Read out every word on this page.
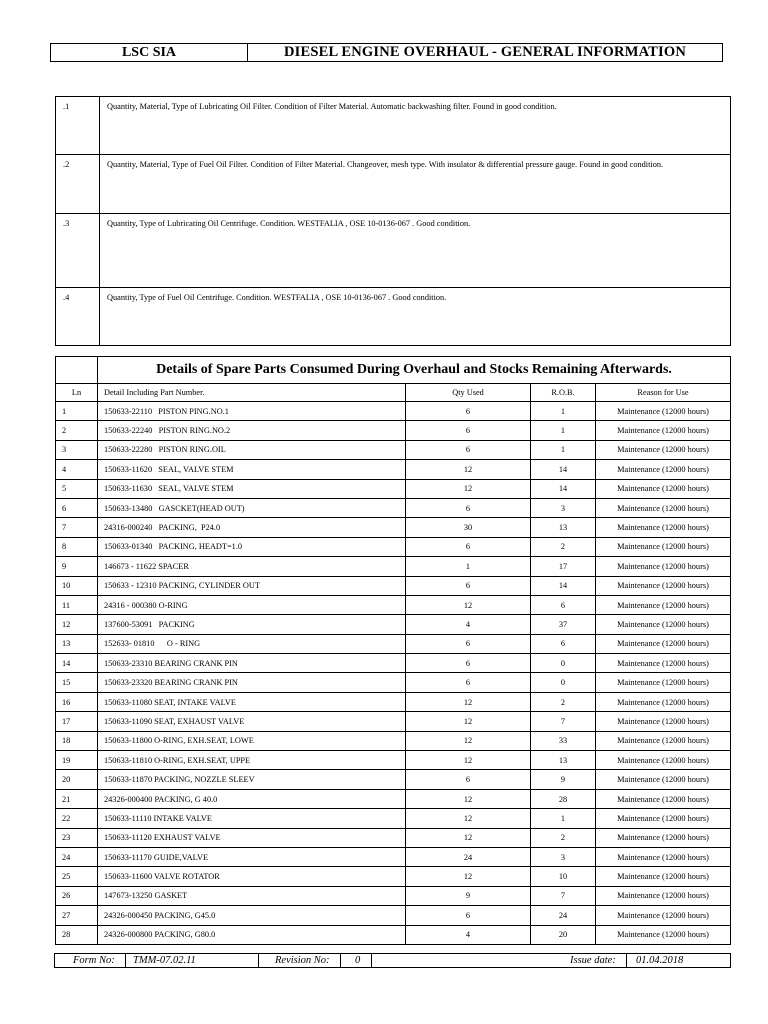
LSC SIA	DIESEL ENGINE OVERHAUL - GENERAL INFORMATION
.1	Quantity, Material, Type of Lubricating Oil Filter. Condition of Filter Material. Automatic backwashing filter. Found in good condition.
.2	Quantity, Material, Type of Fuel Oil Filter. Condition of Filter Material. Changeover, mesh type. With insulator & differential pressure gauge. Found in good condition.
.3	Quantity, Type of Lubricating Oil Centrifuge. Condition. WESTFALIA , OSE 10-0136-067 . Good condition.
.4	Quantity, Type of Fuel Oil Centrifuge. Condition. WESTFALIA , OSE 10-0136-067 . Good condition.
	Details of Spare Parts Consumed During Overhaul and Stocks Remaining Afterwards.			
Ln	Detail Including Part Number.	Qty Used	R.O.B.	Reason for Use
1	150633-22110   PISTON PING.NO.1	6	1	Maintenance (12000 hours)
2	150633-22240   PISTON RING.NO.2	6	1	Maintenance (12000 hours)
3	150633-22280   PISTON RING.OIL	6	1	Maintenance (12000 hours)
4	150633-11620   SEAL, VALVE STEM	12	14	Maintenance (12000 hours)
5	150633-11630   SEAL, VALVE STEM	12	14	Maintenance (12000 hours)
6	150633-13480   GASCKET(HEAD OUT)	6	3	Maintenance (12000 hours)
7	24316-000240   PACKING,  P24.0	30	13	Maintenance (12000 hours)
8	150633-01340   PACKING, HEADT=1.0	6	2	Maintenance (12000 hours)
9	146673 - 11622 SPACER	1	17	Maintenance (12000 hours)
10	150633 - 12310 PACKING, CYLINDER OUT	6	14	Maintenance (12000 hours)
11	24316 - 000380 O-RING	12	6	Maintenance (12000 hours)
12	137600-53091   PACKING	4	37	Maintenance (12000 hours)
13	152633- 01810      O - RING	6	6	Maintenance (12000 hours)
14	150633-23310 BEARING CRANK PIN	6	0	Maintenance (12000 hours)
15	150633-23320 BEARING CRANK PIN	6	0	Maintenance (12000 hours)
16	150633-11080 SEAT, INTAKE VALVE	12	2	Maintenance (12000 hours)
17	150633-11090 SEAT, EXHAUST VALVE	12	7	Maintenance (12000 hours)
18	150633-11800 O-RING, EXH.SEAT, LOWE	12	33	Maintenance (12000 hours)
19	150633-11810 O-RING, EXH.SEAT, UPPE	12	13	Maintenance (12000 hours)
20	150633-11870 PACKING, NOZZLE SLEEV	6	9	Maintenance (12000 hours)
21	24326-000400 PACKING, G 40.0	12	28	Maintenance (12000 hours)
22	150633-11110 INTAKE VALVE	12	1	Maintenance (12000 hours)
23	150633-11120 EXHAUST VALVE	12	2	Maintenance (12000 hours)
24	150633-11170 GUIDE,VALVE	24	3	Maintenance (12000 hours)
25	150633-11600 VALVE ROTATOR	12	10	Maintenance (12000 hours)
26	147673-13250 GASKET	9	7	Maintenance (12000 hours)
27	24326-000450 PACKING, G45.0	6	24	Maintenance (12000 hours)
28	24326-000800 PACKING, G80.0	4	20	Maintenance (12000 hours)
Form No: TMM-07.02.11	Revision No: 0	Issue date: 01.04.2018
